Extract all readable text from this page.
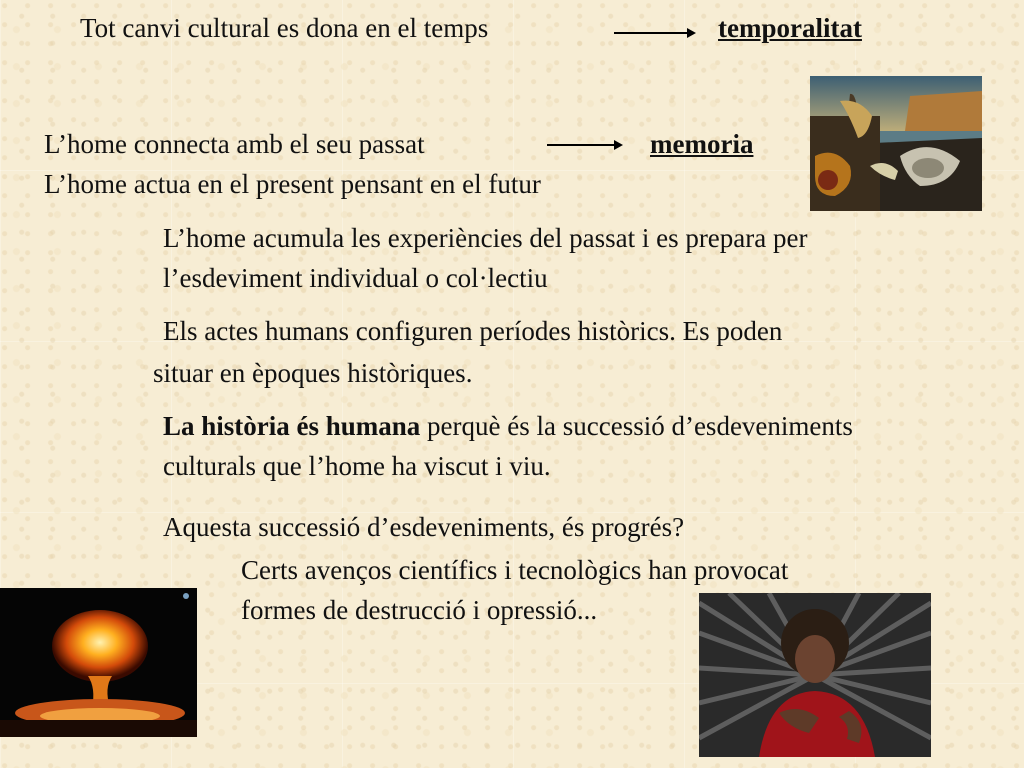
Tot canvi cultural es dona en el temps	temporalitat
L’home connecta amb el seu passat	memoria
L’home actua en el present pensant en el futur
L’home acumula les experiències del passat i es prepara per
l’esdeviment individual o col·lectiu
Els actes humans configuren períodes històrics. Es poden
situar en èpoques històriques.
La història és humana perquè és la successió d’esdeveniments
culturals que l’home ha viscut i viu.
Aquesta successió d’esdeveniments, és progrés?
Certs avenços científics i tecnològics han provocat
formes de destrucció i opressió...
